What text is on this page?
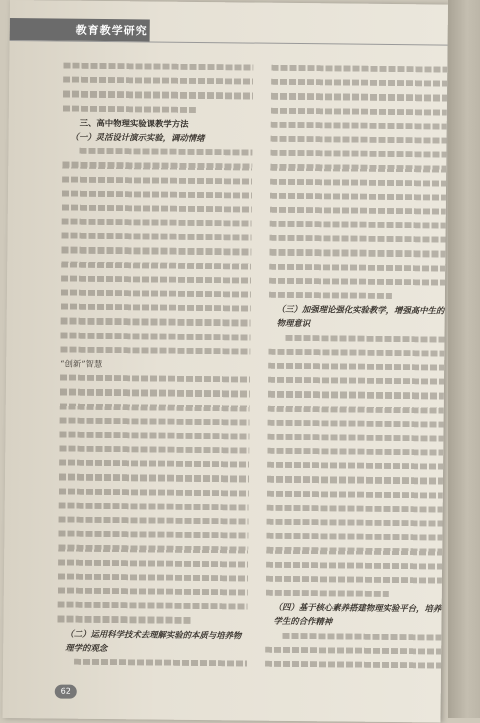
教育教学研究

三、高中物理实验课教学方法

（一）灵活设计演示实验，调动情绪

“创新”智慧

（二）运用科学技术去理解实验的本质与培养物理学的观念

（三）加强理论强化实验教学，增强高中生的物理意识

（四）基于核心素养搭建物理实验平台，培养学生的合作精神

62
